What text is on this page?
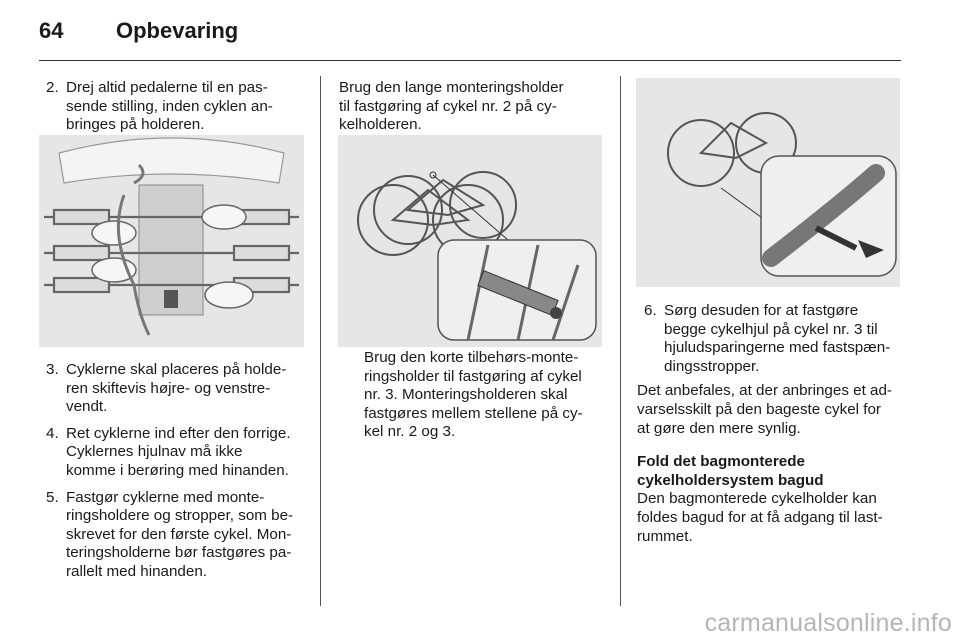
64 Opbevaring
2. Drej altid pedalerne til en pas-

sende stilling, inden cyklen an-

bringes på holderen.

3. Cyklerne skal placeres på holde-

ren skiftevis højre- og venstre-

vendt.

4. Ret cyklerne ind efter den forrige.

Cyklernes hjulnav må ikke

komme i berøring med hinanden.

5. Fastgør cyklerne med monte-

ringsholdere og stropper, som be-

skrevet for den første cykel. Mon-

teringsholderne bør fastgøres pa-

rallelt med hinanden.

Brug den lange monteringsholder

til fastgøring af cykel nr. 2 på cy-

kelholderen.

Brug den korte tilbehørs-monte-

ringsholder til fastgøring af cykel

nr. 3. Monteringsholderen skal

fastgøres mellem stellene på cy-

kel nr. 2 og 3.

6. Sørg desuden for at fastgøre

begge cykelhjul på cykel nr. 3 til

hjuludsparingerne med fastspæn-

dingsstropper.

Det anbefales, at der anbringes et ad-

varselsskilt på den bageste cykel for

at gøre den mere synlig.

Fold det bagmonterede

cykelholdersystem bagud

Den bagmonterede cykelholder kan

foldes bagud for at få adgang til last-

rummet.

carmanualsonline.info
